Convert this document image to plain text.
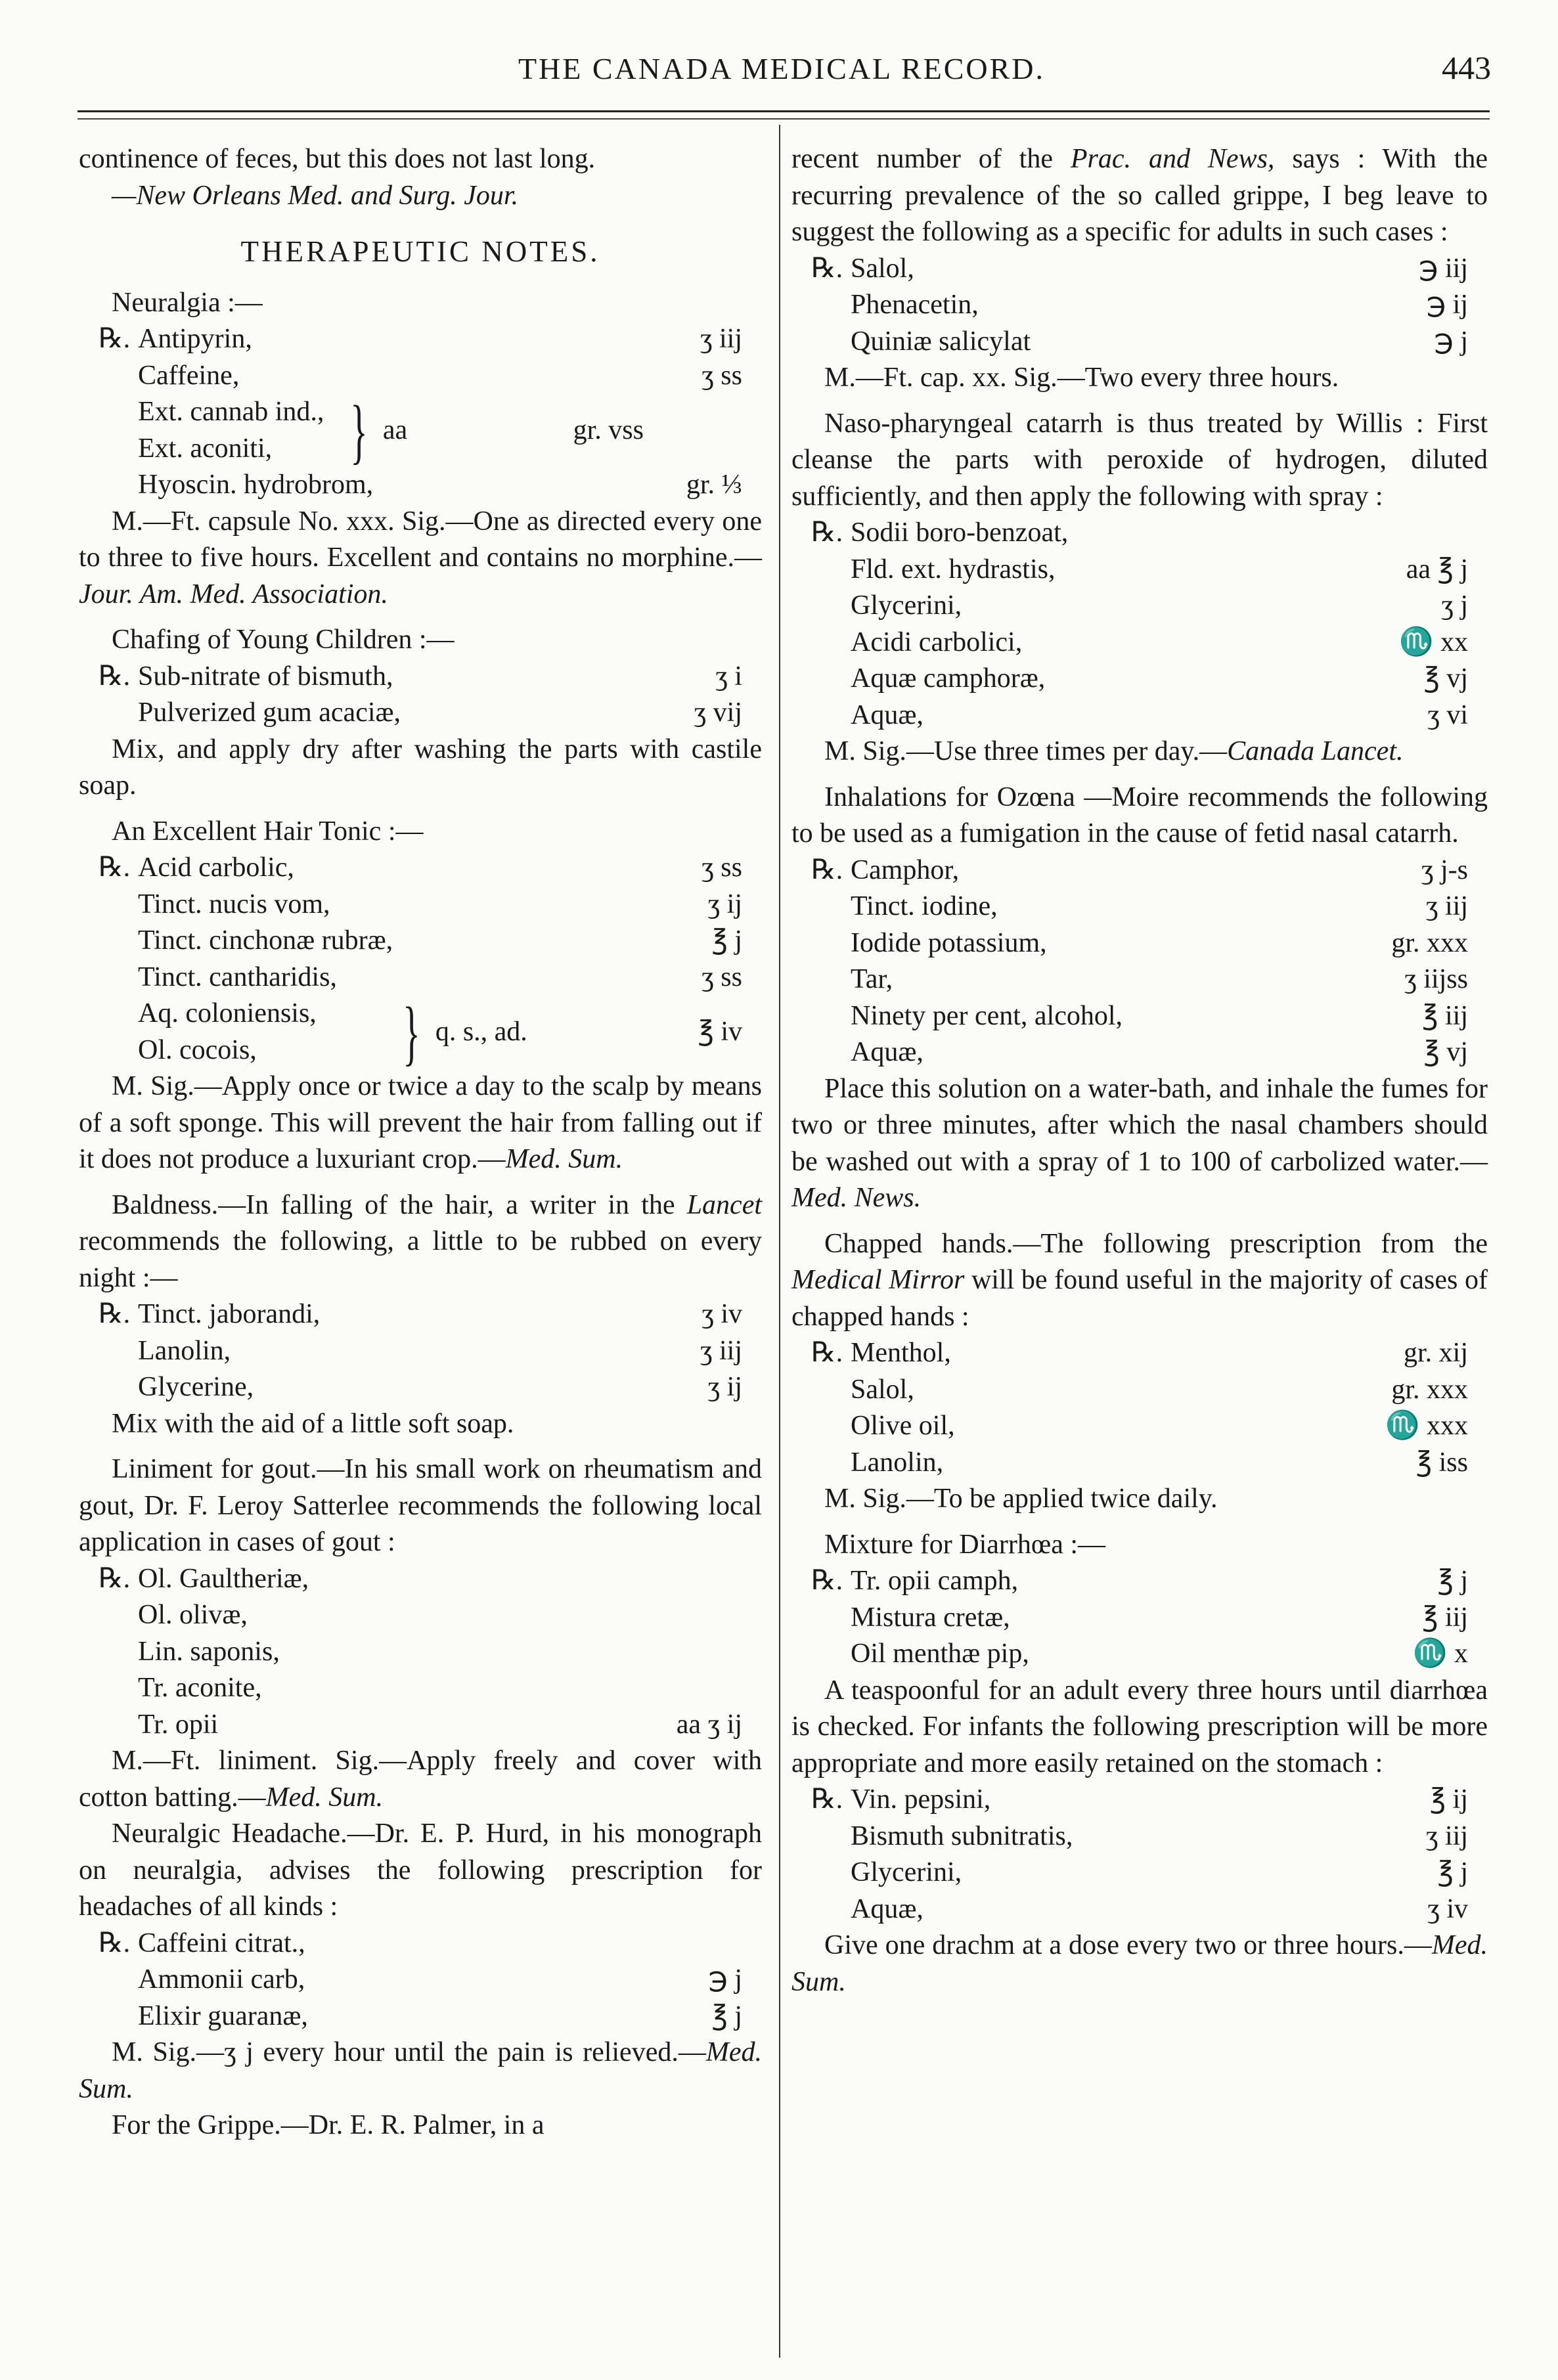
THE CANADA MEDICAL RECORD.	443

continence of feces, but this does not last long.

—New Orleans Med. and Surg. Jour.

THERAPEUTIC NOTES.

Neuralgia :—

℞. Antipyrin,	ʒ iij
Caffeine,	ʒ ss
Ext. cannab ind.,
Ext. aconiti,	} aa	gr. vss
Hyoscin. hydrobrom,	gr. ⅓

M.—Ft. capsule No. xxx. Sig.—One as directed every one to three to five hours. Excellent and contains no morphine.—Jour. Am. Med. Association.

Chafing of Young Children :—

℞. Sub-nitrate of bismuth,	ʒ i
Pulverized gum acaciæ,	ʒ vij

Mix, and apply dry after washing the parts with castile soap.

An Excellent Hair Tonic :—

℞. Acid carbolic,	ʒ ss
Tinct. nucis vom,	ʒ ij
Tinct. cinchonæ rubræ,	℥ j
Tinct. cantharidis,	ʒ ss
Aq. coloniensis,
Ol. cocois,	} q. s., ad.	℥ iv

M. Sig.—Apply once or twice a day to the scalp by means of a soft sponge. This will prevent the hair from falling out if it does not produce a luxuriant crop.—Med. Sum.

Baldness.—In falling of the hair, a writer in the Lancet recommends the following, a little to be rubbed on every night :—

℞. Tinct. jaborandi,	ʒ iv
Lanolin,	ʒ iij
Glycerine,	ʒ ij

Mix with the aid of a little soft soap.

Liniment for gout.—In his small work on rheumatism and gout, Dr. F. Leroy Satterlee recommends the following local application in cases of gout :

℞. Ol. Gaultheriæ,
Ol. olivæ,
Lin. saponis,
Tr. aconite,
Tr. opii	aa ʒ ij

M.—Ft. liniment. Sig.—Apply freely and cover with cotton batting.—Med. Sum.

Neuralgic Headache.—Dr. E. P. Hurd, in his monograph on neuralgia, advises the following prescription for headaches of all kinds :

℞. Caffeini citrat.,
Ammonii carb,	℈ j
Elixir guaranæ,	℥ j

M. Sig.—ʒ j every hour until the pain is relieved.—Med. Sum.

For the Grippe.—Dr. E. R. Palmer, in a

recent number of the Prac. and News, says : With the recurring prevalence of the so called grippe, I beg leave to suggest the following as a specific for adults in such cases :

℞. Salol,	℈ iij
Phenacetin,	℈ ij
Quiniæ salicylat	℈ j

M.—Ft. cap. xx. Sig.—Two every three hours.

Naso-pharyngeal catarrh is thus treated by Willis : First cleanse the parts with peroxide of hydrogen, diluted sufficiently, and then apply the following with spray :

℞. Sodii boro-benzoat,
Fld. ext. hydrastis,	aa ℥ j
Glycerini,	ʒ j
Acidi carbolici,	♏ xx
Aquæ camphoræ,	℥ vj
Aquæ,	ʒ vi

M. Sig.—Use three times per day.—Canada Lancet.

Inhalations for Ozœna —Moire recommends the following to be used as a fumigation in the cause of fetid nasal catarrh.

℞. Camphor,	ʒ j-s
Tinct. iodine,	ʒ iij
Iodide potassium,	gr. xxx
Tar,	ʒ iijss
Ninety per cent, alcohol,	℥ iij
Aquæ,	℥ vj

Place this solution on a water-bath, and inhale the fumes for two or three minutes, after which the nasal chambers should be washed out with a spray of 1 to 100 of carbolized water.—Med. News.

Chapped hands.—The following prescription from the Medical Mirror will be found useful in the majority of cases of chapped hands :

℞. Menthol,	gr. xij
Salol,	gr. xxx
Olive oil,	♏ xxx
Lanolin,	℥ iss

M. Sig.—To be applied twice daily.

Mixture for Diarrhœa :—

℞. Tr. opii camph,	℥ j
Mistura cretæ,	℥ iij
Oil menthæ pip,	♏ x

A teaspoonful for an adult every three hours until diarrhœa is checked. For infants the following prescription will be more appropriate and more easily retained on the stomach :

℞. Vin. pepsini,	℥ ij
Bismuth subnitratis,	ʒ iij
Glycerini,	℥ j
Aquæ,	ʒ iv

Give one drachm at a dose every two or three hours.—Med. Sum.
